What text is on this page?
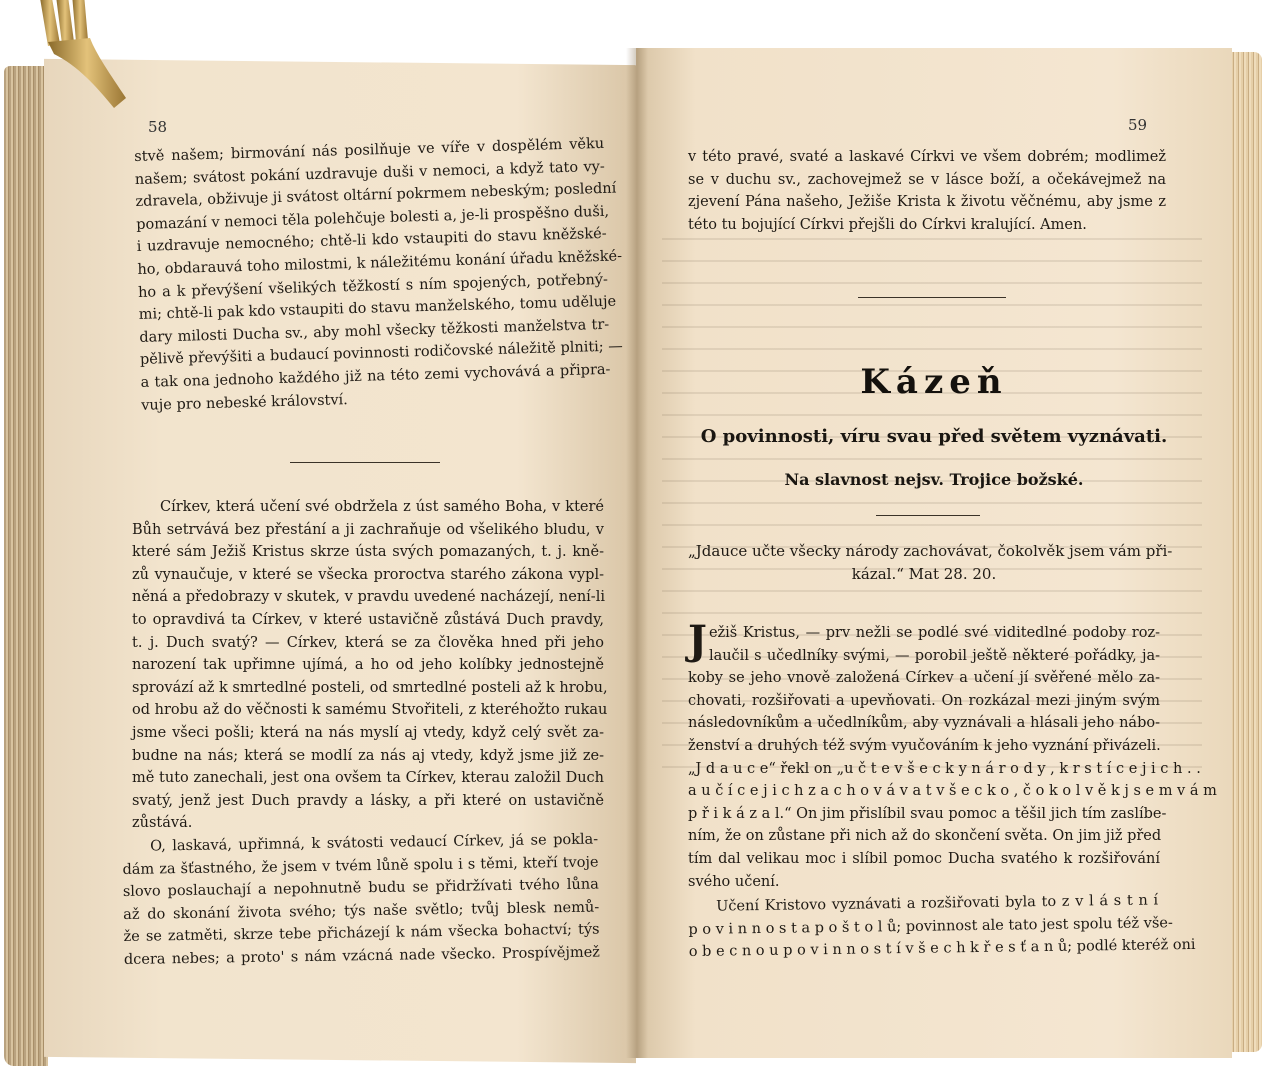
58
stvě našem; birmování nás posilňuje ve víře v dospělém věku
našem; svátost pokání uzdravuje duši v nemoci, a když tato vy-
zdravela, obživuje ji svátost oltární pokrmem nebeským; poslední
pomazání v nemoci těla polehčuje bolesti a, je-li prospěšno duši,
i uzdravuje nemocného; chtě-li kdo vstaupiti do stavu kněžské-
ho, obdarauvá toho milostmi, k náležitému konání úřadu kněžské-
ho a k převýšení všelikých těžkostí s ním spojených, potřebný-
mi; chtě-li pak kdo vstaupiti do stavu manželského, tomu uděluje
dary milosti Ducha sv., aby mohl všecky těžkosti manželstva tr-
pělivě převýšiti a budaucí povinnosti rodičovské náležitě plniti; —
a tak ona jednoho každého již na této zemi vychovává a připra-
vuje pro nebeské království.
Církev, která učení své obdržela z úst samého Boha, v které
Bůh setrvává bez přestání a ji zachraňuje od všelikého bludu, v
které sám Ježiš Kristus skrze ústa svých pomazaných, t. j. kně-
zů vynaučuje, v které se všecka proroctva starého zákona vypl-
něná a předobrazy v skutek, v pravdu uvedené nacházejí, není-li
to opravdivá ta Církev, v které ustavičně zůstává Duch pravdy,
t. j. Duch svatý? — Církev, která se za člověka hned při jeho
narození tak upřimne ujímá, a ho od jeho kolíbky jednostejně
sprovází až k smrtedlné posteli, od smrtedlné posteli až k hrobu,
od hrobu až do věčnosti k samému Stvořiteli, z kteréhožto rukau
jsme všeci pošli; která na nás myslí aj vtedy, když celý svět za-
budne na nás; která se modlí za nás aj vtedy, když jsme již ze-
mě tuto zanechali, jest ona ovšem ta Církev, kterau založil Duch
svatý, jenž jest Duch pravdy a lásky, a při které on ustavičně
zůstává.
O, laskavá, upřimná, k svátosti vedaucí Církev, já se pokla-
dám za šťastného, že jsem v tvém lůně spolu i s těmi, kteří tvoje
slovo poslauchají a nepohnutně budu se přidržívati tvého lůna
až do skonání života svého; týs naše světlo; tvůj blesk nemů-
že se zatměti, skrze tebe přicházejí k nám všecka bohactví; týs
dcera nebes; a proto' s nám vzácná nade všecko. Prospívějmež
59
v této pravé, svaté a laskavé Církvi ve všem dobrém; modlimež
se v duchu sv., zachovejmež se v lásce boží, a očekávejmež na
zjevení Pána našeho, Ježiše Krista k životu věčnému, aby jsme z
této tu bojující Církvi přejšli do Církvi kralující. Amen.
Kázeň
O povinnosti, víru svau před světem vyznávati.
Na slavnost nejsv. Trojice božské.
„Jdauce učte všecky národy zachovávat, čokolvěk jsem vám při-
kázal.“ Mat 28. 20.
Ježiš Kristus, — prv nežli se podlé své viditedlné podoby roz-
laučil s učedlníky svými, — porobil ještě některé pořádky, ja-
koby se jeho vnově založená Církev a učení jí svěřené mělo za-
chovati, rozšiřovati a upevňovati. On rozkázal mezi jiným svým
následovníkům a učedlníkům, aby vyznávali a hlásali jeho nábo-
ženství a druhých též svým vyučováním k jeho vyznání přivázeli.
„J d a u c e“ řekl on „u č t e v š e c k y n á r o d y , k r s t í c e j i c h . .
a u č í c e j i c h z a c h o v á v a t v š e c k o , č o k o l v ě k j s e m v á m
p ř i k á z a l.“ On jim přislíbil svau pomoc a těšil jich tím zaslíbe-
ním, že on zůstane při nich až do skončení světa. On jim již před
tím dal velikau moc i slíbil pomoc Ducha svatého k rozšiřování
svého učení.
Učení Kristovo vyznávati a rozšiřovati byla to z v l á s t n í
p o v i n n o s t a p o š t o l ů; povinnost ale tato jest spolu též vše-
o b e c n o u p o v i n n o s t í v š e c h k ř e s ť a n ů; podlé kteréž oni
